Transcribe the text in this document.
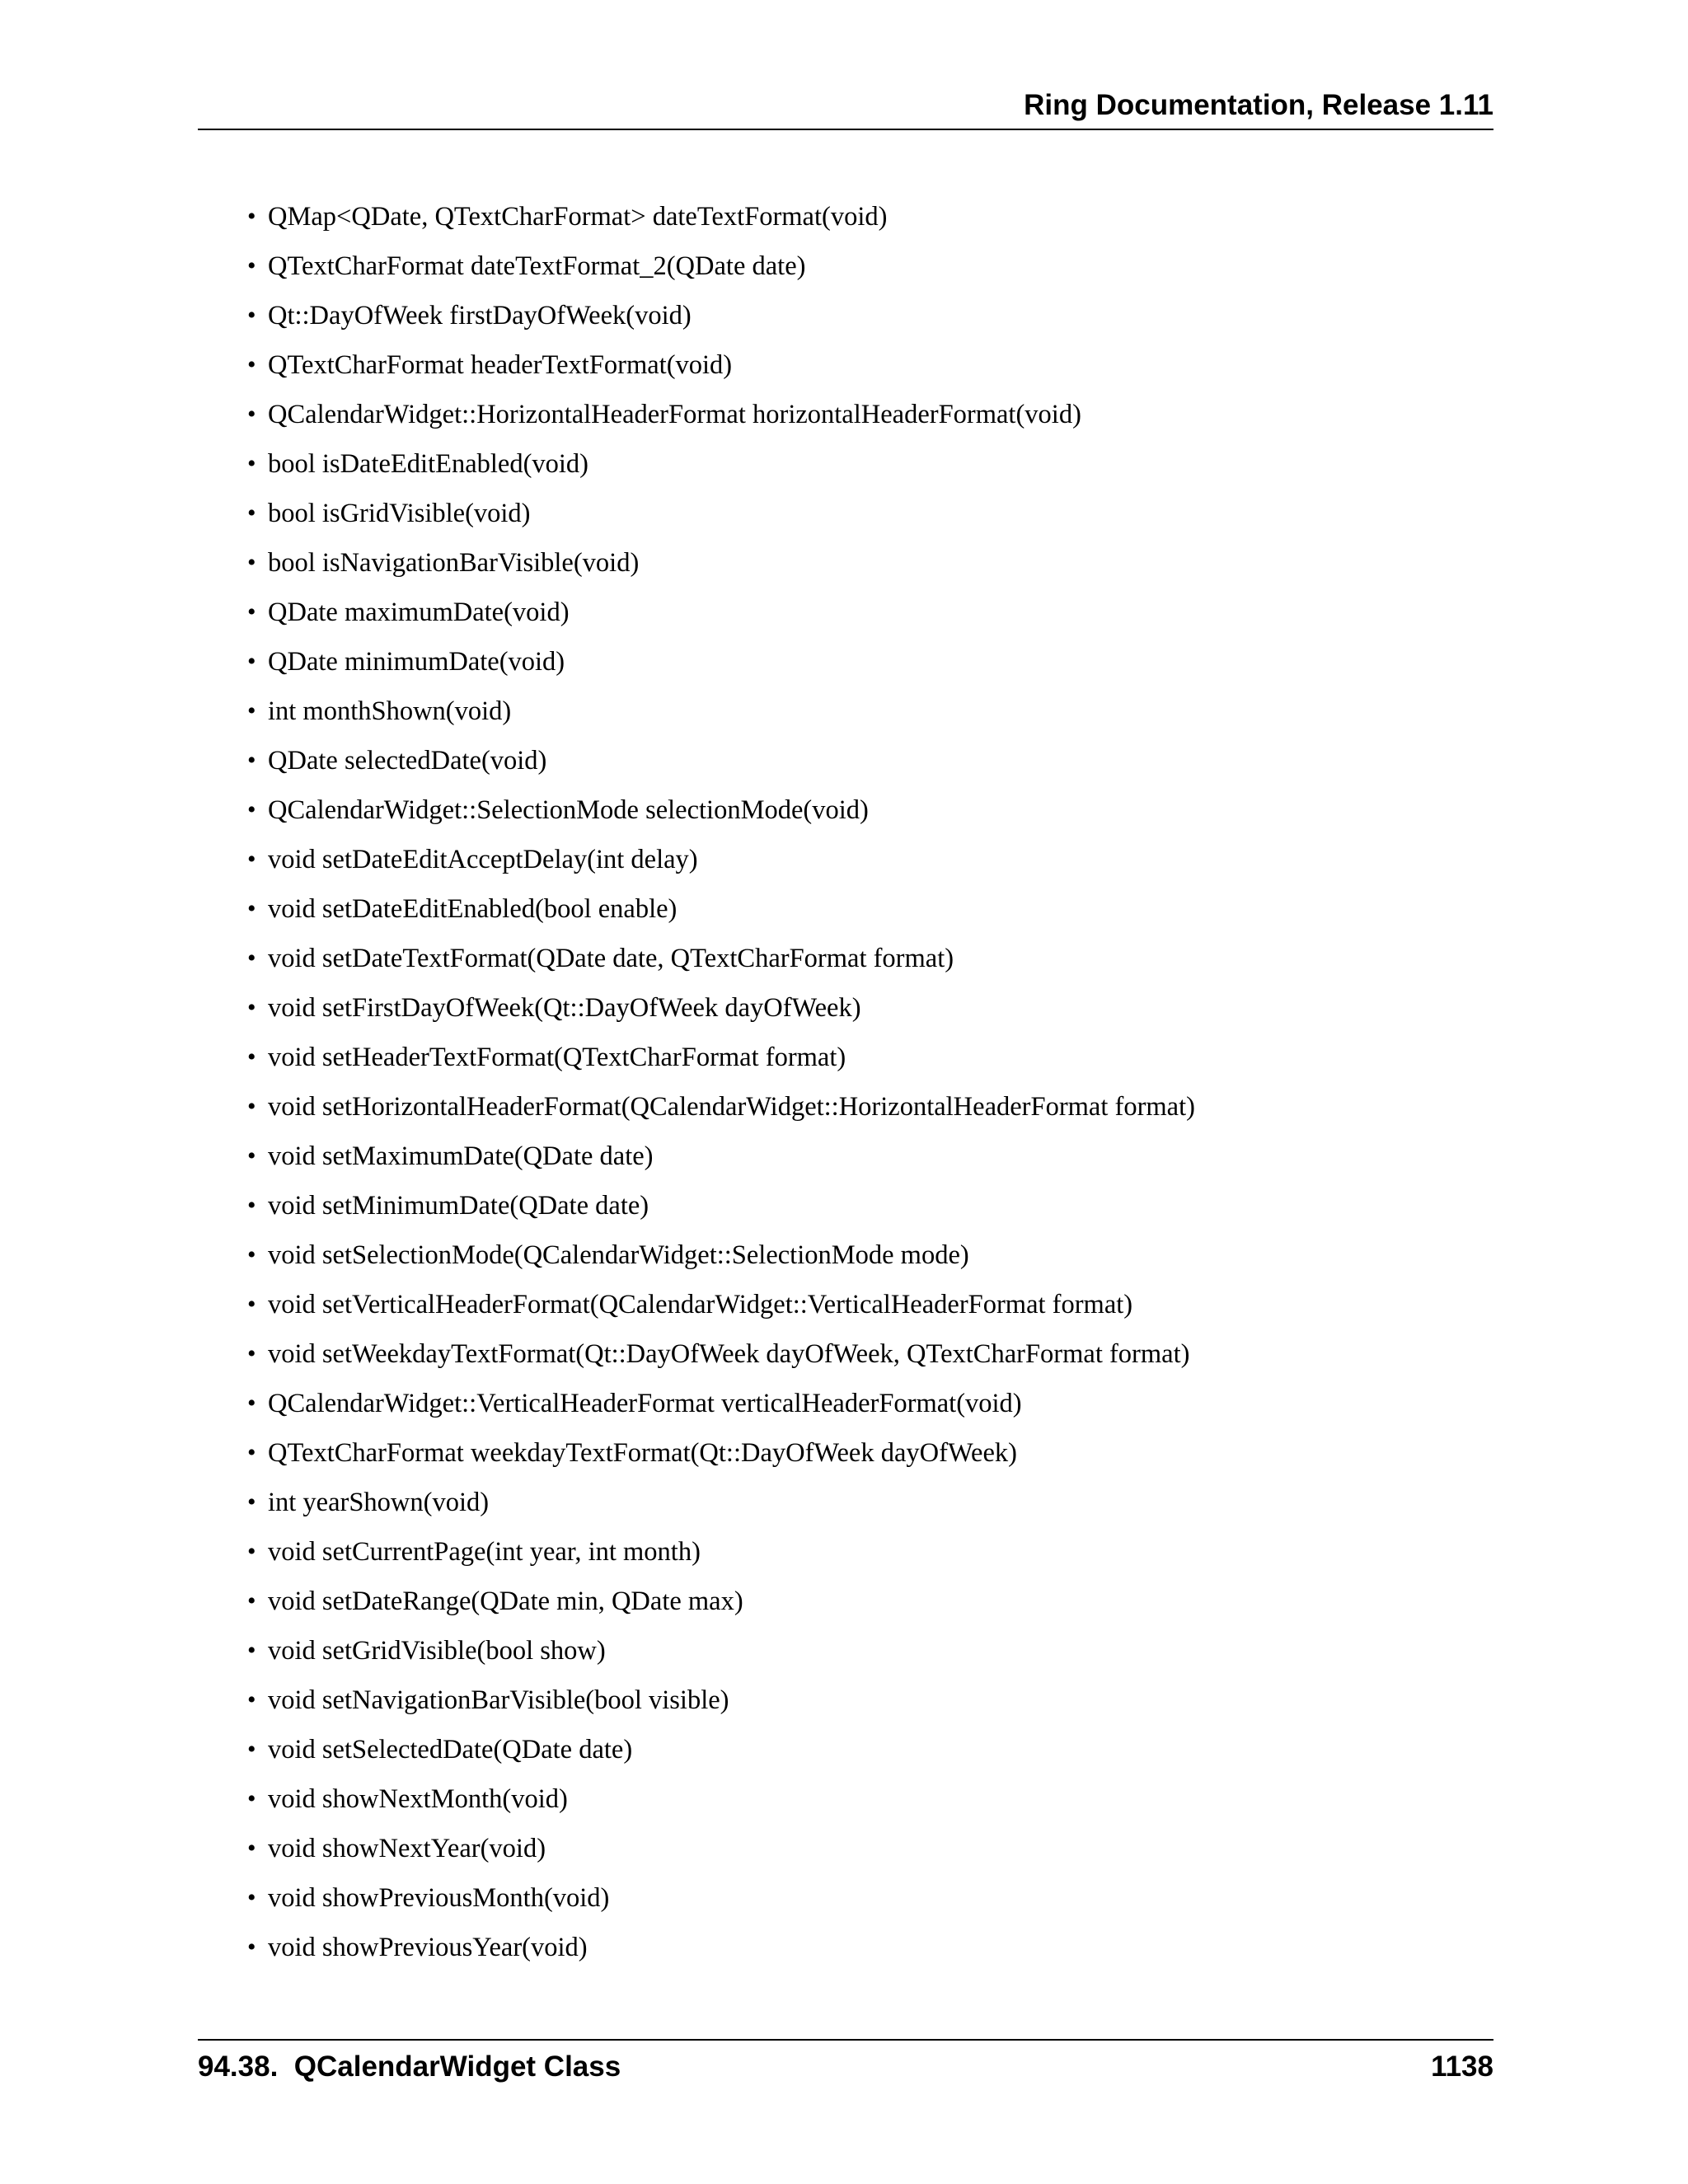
Ring Documentation, Release 1.11
• QMap<QDate, QTextCharFormat> dateTextFormat(void)
• QTextCharFormat dateTextFormat_2(QDate date)
• Qt::DayOfWeek firstDayOfWeek(void)
• QTextCharFormat headerTextFormat(void)
• QCalendarWidget::HorizontalHeaderFormat horizontalHeaderFormat(void)
• bool isDateEditEnabled(void)
• bool isGridVisible(void)
• bool isNavigationBarVisible(void)
• QDate maximumDate(void)
• QDate minimumDate(void)
• int monthShown(void)
• QDate selectedDate(void)
• QCalendarWidget::SelectionMode selectionMode(void)
• void setDateEditAcceptDelay(int delay)
• void setDateEditEnabled(bool enable)
• void setDateTextFormat(QDate date, QTextCharFormat format)
• void setFirstDayOfWeek(Qt::DayOfWeek dayOfWeek)
• void setHeaderTextFormat(QTextCharFormat format)
• void setHorizontalHeaderFormat(QCalendarWidget::HorizontalHeaderFormat format)
• void setMaximumDate(QDate date)
• void setMinimumDate(QDate date)
• void setSelectionMode(QCalendarWidget::SelectionMode mode)
• void setVerticalHeaderFormat(QCalendarWidget::VerticalHeaderFormat format)
• void setWeekdayTextFormat(Qt::DayOfWeek dayOfWeek, QTextCharFormat format)
• QCalendarWidget::VerticalHeaderFormat verticalHeaderFormat(void)
• QTextCharFormat weekdayTextFormat(Qt::DayOfWeek dayOfWeek)
• int yearShown(void)
• void setCurrentPage(int year, int month)
• void setDateRange(QDate min, QDate max)
• void setGridVisible(bool show)
• void setNavigationBarVisible(bool visible)
• void setSelectedDate(QDate date)
• void showNextMonth(void)
• void showNextYear(void)
• void showPreviousMonth(void)
• void showPreviousYear(void)
94.38.  QCalendarWidget Class	1138
